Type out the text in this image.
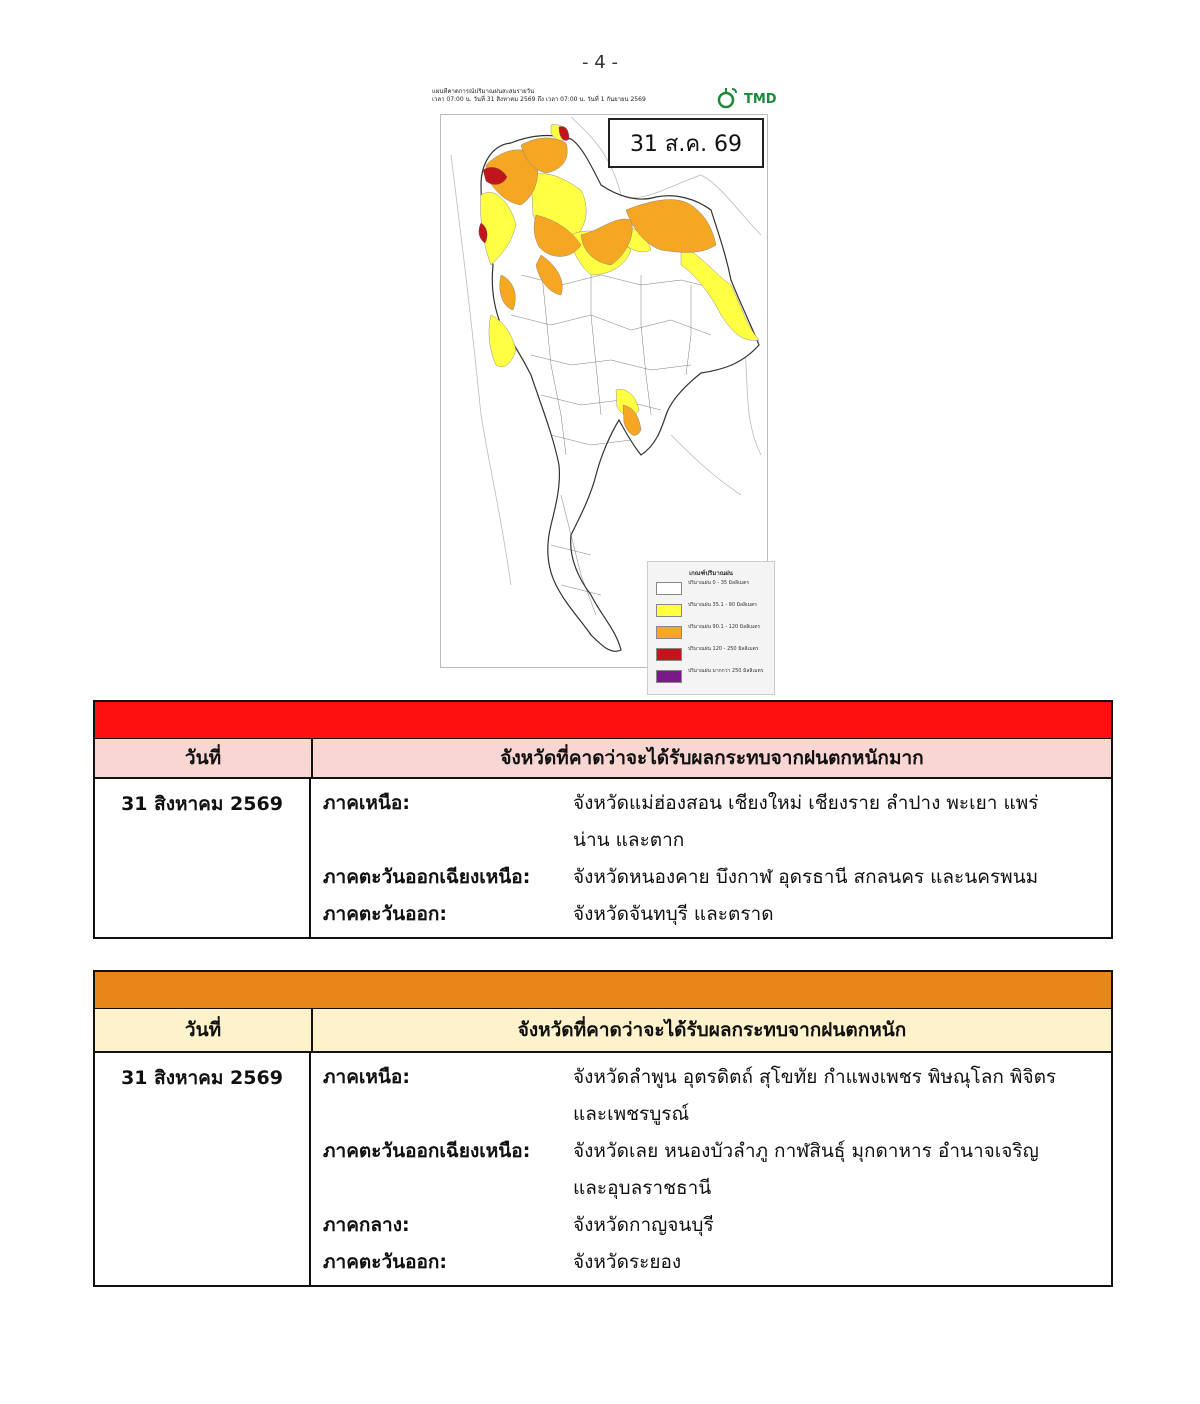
- 4 -
แผนที่คาดการณ์ปริมาณฝนสะสมรายวัน
เวลา 07:00 น. วันที่ 31 สิงหาคม 2569 ถึง เวลา 07:00 น. วันที่ 1 กันยายน 2569	TMD
เกณฑ์ปริมาณฝน
ปริมาณฝน 0 - 35 มิลลิเมตร
ปริมาณฝน 35.1 - 90 มิลลิเมตร
ปริมาณฝน 90.1 - 120 มิลลิเมตร
ปริมาณฝน 120 - 250 มิลลิเมตร
ปริมาณฝน มากกว่า 250 มิลลิเมตร
31 ส.ค. 69
วันที่	จังหวัดที่คาดว่าจะได้รับผลกระทบจากฝนตกหนักมาก
31 สิงหาคม 2569	ภาคเหนือ:	จังหวัดแม่ฮ่องสอน เชียงใหม่ เชียงราย ลำปาง พะเยา แพร่
น่าน และตาก
ภาคตะวันออกเฉียงเหนือ:	จังหวัดหนองคาย บึงกาฬ อุดรธานี สกลนคร และนครพนม
ภาคตะวันออก:	จังหวัดจันทบุรี และตราด
วันที่	จังหวัดที่คาดว่าจะได้รับผลกระทบจากฝนตกหนัก
31 สิงหาคม 2569	ภาคเหนือ:	จังหวัดลำพูน อุตรดิตถ์ สุโขทัย กำแพงเพชร พิษณุโลก พิจิตร
และเพชรบูรณ์
ภาคตะวันออกเฉียงเหนือ:	จังหวัดเลย หนองบัวลำภู กาฬสินธุ์ มุกดาหาร อำนาจเจริญ
และอุบลราชธานี
ภาคกลาง:	จังหวัดกาญจนบุรี
ภาคตะวันออก:	จังหวัดระยอง
